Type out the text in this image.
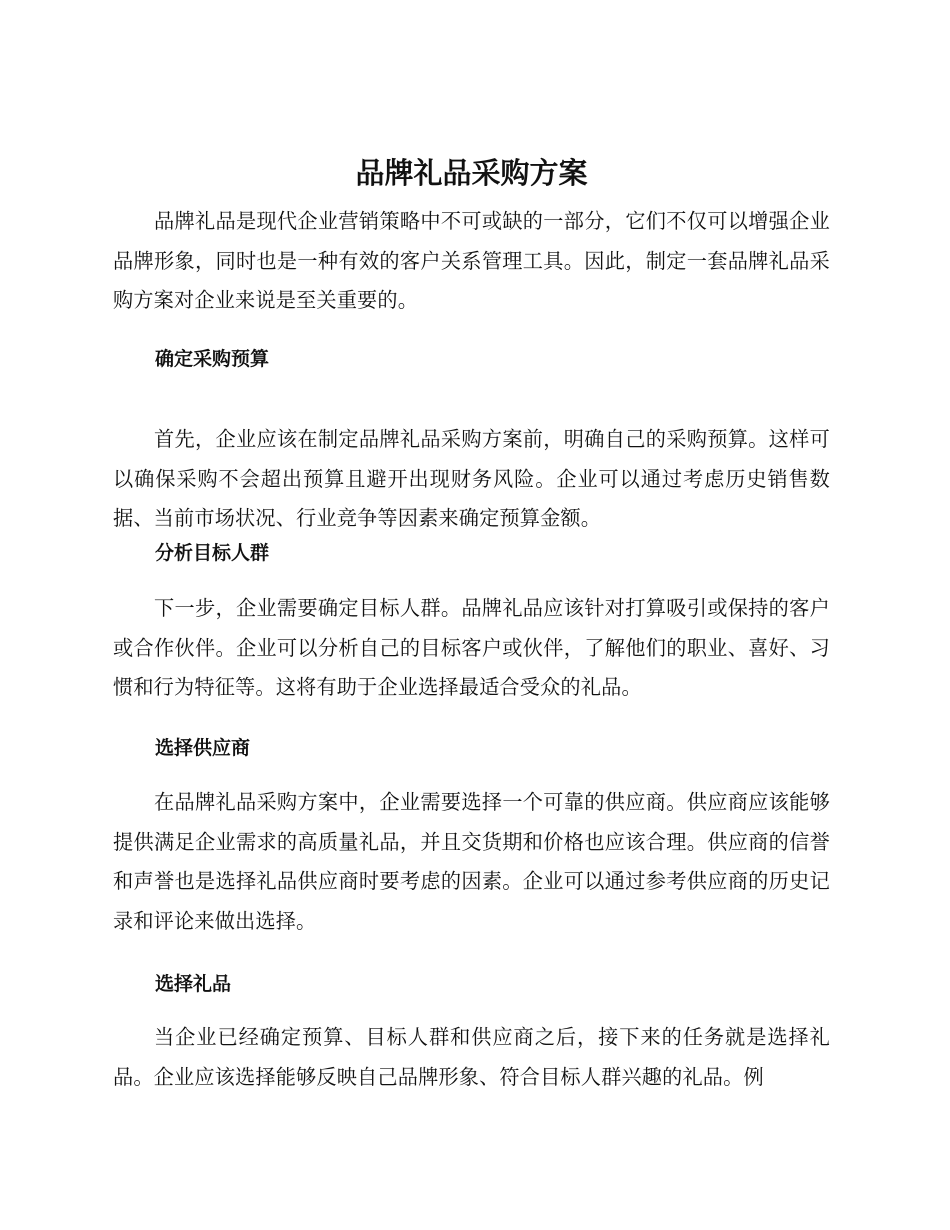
品牌礼品采购方案

品牌礼品是现代企业营销策略中不可或缺的一部分，它们不仅可以增强企业品牌形象，同时也是一种有效的客户关系管理工具。因此，制定一套品牌礼品采购方案对企业来说是至关重要的。

确定采购预算

首先，企业应该在制定品牌礼品采购方案前，明确自己的采购预算。这样可以确保采购不会超出预算且避开出现财务风险。企业可以通过考虑历史销售数据、当前市场状况、行业竞争等因素来确定预算金额。

分析目标人群

下一步，企业需要确定目标人群。品牌礼品应该针对打算吸引或保持的客户或合作伙伴。企业可以分析自己的目标客户或伙伴，了解他们的职业、喜好、习惯和行为特征等。这将有助于企业选择最适合受众的礼品。

选择供应商

在品牌礼品采购方案中，企业需要选择一个可靠的供应商。供应商应该能够提供满足企业需求的高质量礼品，并且交货期和价格也应该合理。供应商的信誉和声誉也是选择礼品供应商时要考虑的因素。企业可以通过参考供应商的历史记录和评论来做出选择。

选择礼品

当企业已经确定预算、目标人群和供应商之后，接下来的任务就是选择礼品。企业应该选择能够反映自己品牌形象、符合目标人群兴趣的礼品。例
